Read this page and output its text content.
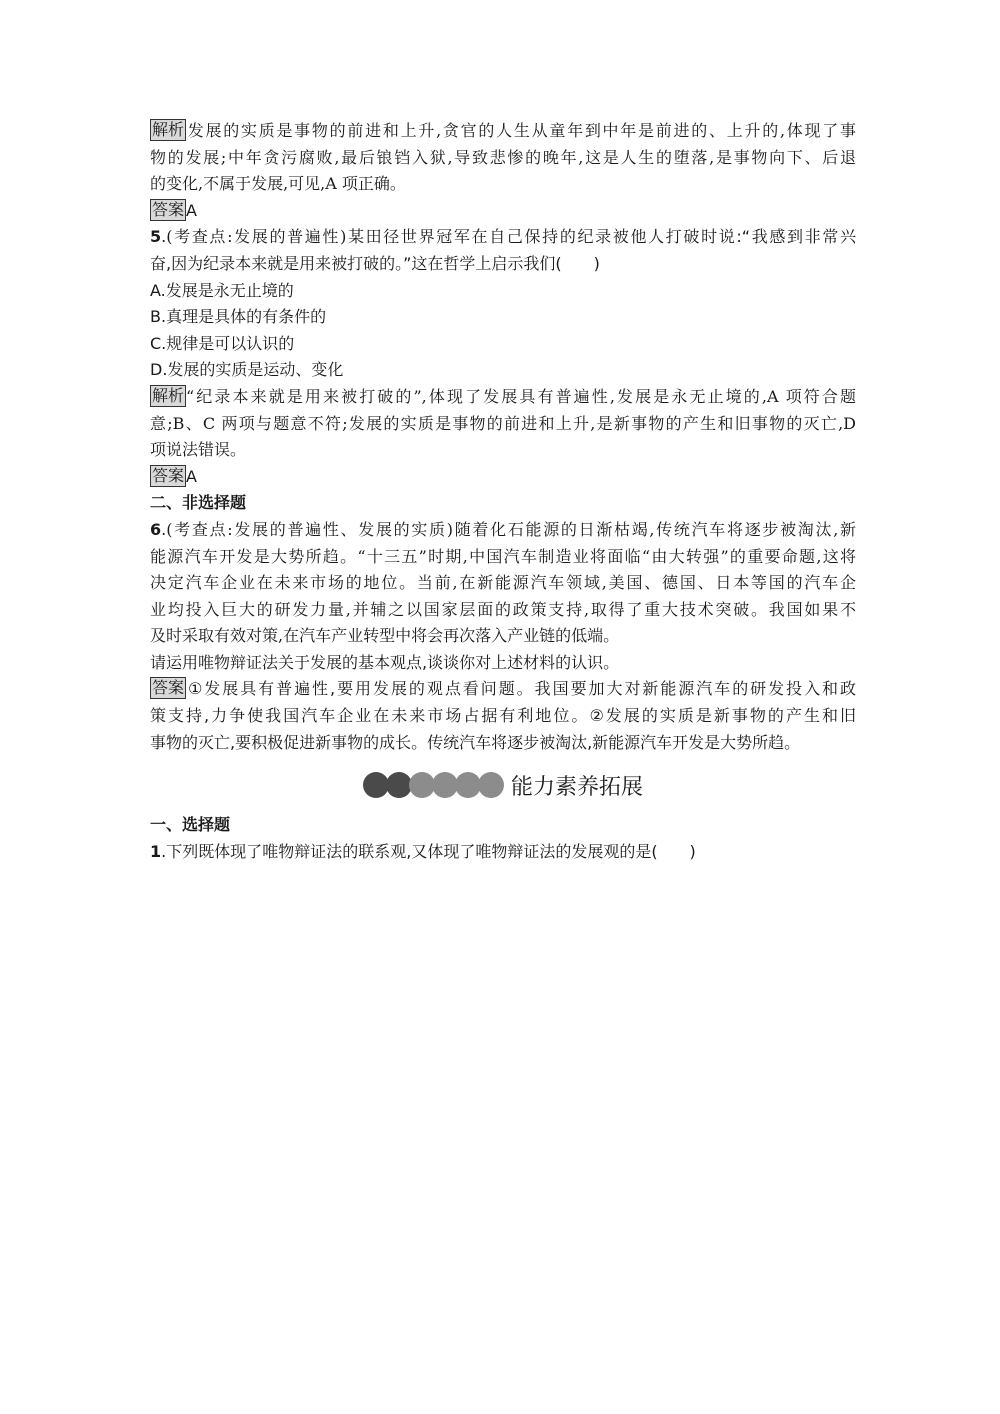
解析 发展的实质是事物的前进和上升,贪官的人生从童年到中年是前进的、上升的,体现了事
物的发展;中年贪污腐败,最后锒铛入狱,导致悲惨的晚年,这是人生的堕落,是事物向下、后退
的变化,不属于发展,可见,A 项正确。
答案 A
5.(考查点:发展的普遍性)某田径世界冠军在自己保持的纪录被他人打破时说:“我感到非常兴
奋,因为纪录本来就是用来被打破的。”这在哲学上启示我们(　　)
A.发展是永无止境的
B.真理是具体的有条件的
C.规律是可以认识的
D.发展的实质是运动、变化
解析 “纪录本来就是用来被打破的”,体现了发展具有普遍性,发展是永无止境的,A 项符合题
意;B、C 两项与题意不符;发展的实质是事物的前进和上升,是新事物的产生和旧事物的灭亡,D
项说法错误。
答案 A
二、非选择题
6.(考查点:发展的普遍性、发展的实质)随着化石能源的日渐枯竭,传统汽车将逐步被淘汰,新
能源汽车开发是大势所趋。“十三五”时期,中国汽车制造业将面临“由大转强”的重要命题,这将
决定汽车企业在未来市场的地位。当前,在新能源汽车领域,美国、德国、日本等国的汽车企
业均投入巨大的研发力量,并辅之以国家层面的政策支持,取得了重大技术突破。我国如果不
及时采取有效对策,在汽车产业转型中将会再次落入产业链的低端。
请运用唯物辩证法关于发展的基本观点,谈谈你对上述材料的认识。
答案 ①发展具有普遍性,要用发展的观点看问题。我国要加大对新能源汽车的研发投入和政
策支持,力争使我国汽车企业在未来市场占据有利地位。②发展的实质是新事物的产生和旧
事物的灭亡,要积极促进新事物的成长。传统汽车将逐步被淘汰,新能源汽车开发是大势所趋。
能力素养拓展
一、选择题
1.下列既体现了唯物辩证法的联系观,又体现了唯物辩证法的发展观的是(　　)
